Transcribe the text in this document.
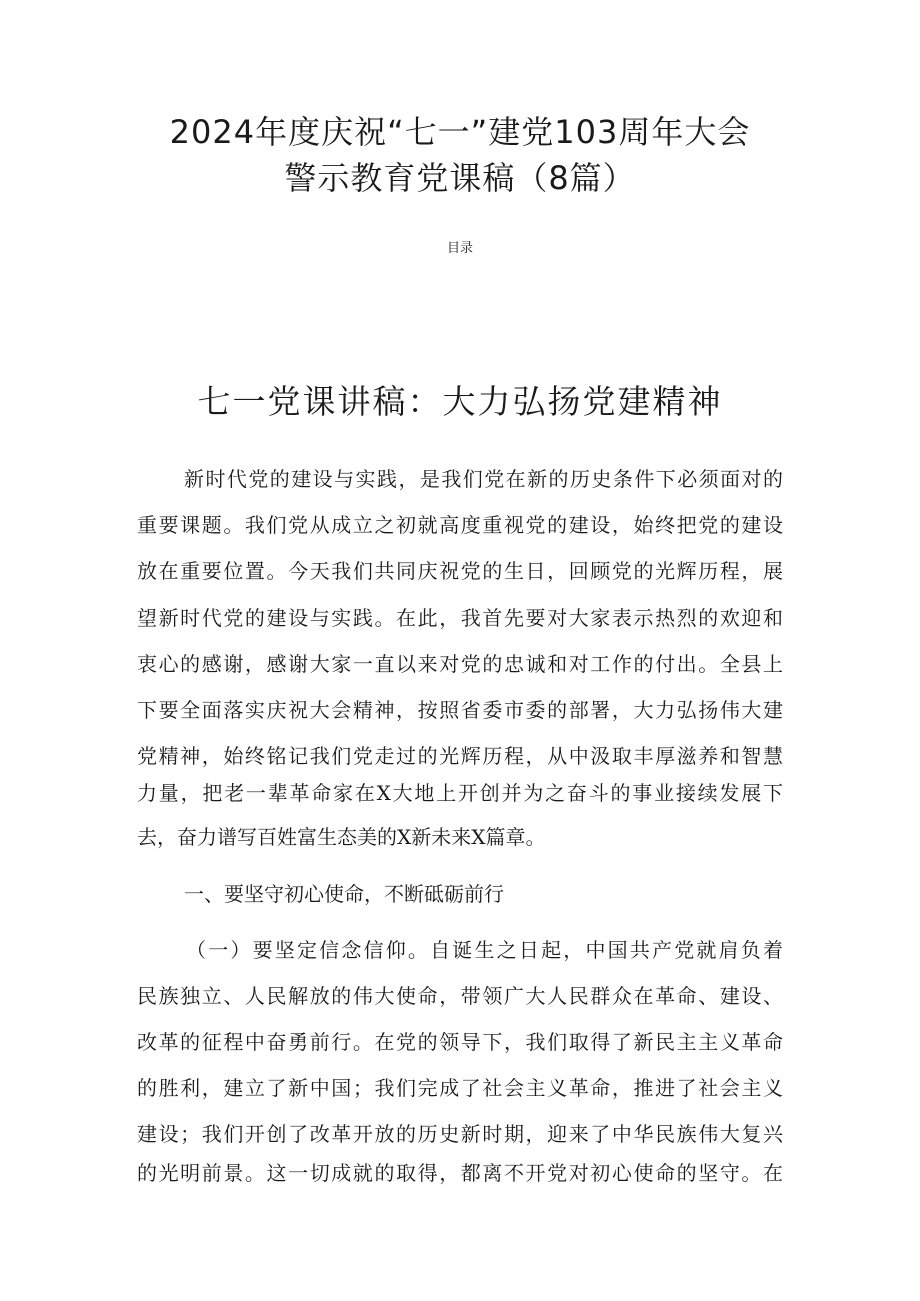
2024年度庆祝“七一”建党103周年大会
警示教育党课稿（8篇）
目录
七一党课讲稿：大力弘扬党建精神
新时代党的建设与实践，是我们党在新的历史条件下必须面对的
重要课题。我们党从成立之初就高度重视党的建设，始终把党的建设
放在重要位置。今天我们共同庆祝党的生日，回顾党的光辉历程，展
望新时代党的建设与实践。在此，我首先要对大家表示热烈的欢迎和
衷心的感谢，感谢大家一直以来对党的忠诚和对工作的付出。全县上
下要全面落实庆祝大会精神，按照省委市委的部署，大力弘扬伟大建
党精神，始终铭记我们党走过的光辉历程，从中汲取丰厚滋养和智慧
力量，把老一辈革命家在X大地上开创并为之奋斗的事业接续发展下
去，奋力谱写百姓富生态美的X新未来X篇章。
一、要坚守初心使命，不断砥砺前行
（一）要坚定信念信仰。自诞生之日起，中国共产党就肩负着
民族独立、人民解放的伟大使命，带领广大人民群众在革命、建设、
改革的征程中奋勇前行。在党的领导下，我们取得了新民主主义革命
的胜利，建立了新中国；我们完成了社会主义革命，推进了社会主义
建设；我们开创了改革开放的历史新时期，迎来了中华民族伟大复兴
的光明前景。这一切成就的取得，都离不开党对初心使命的坚守。在
